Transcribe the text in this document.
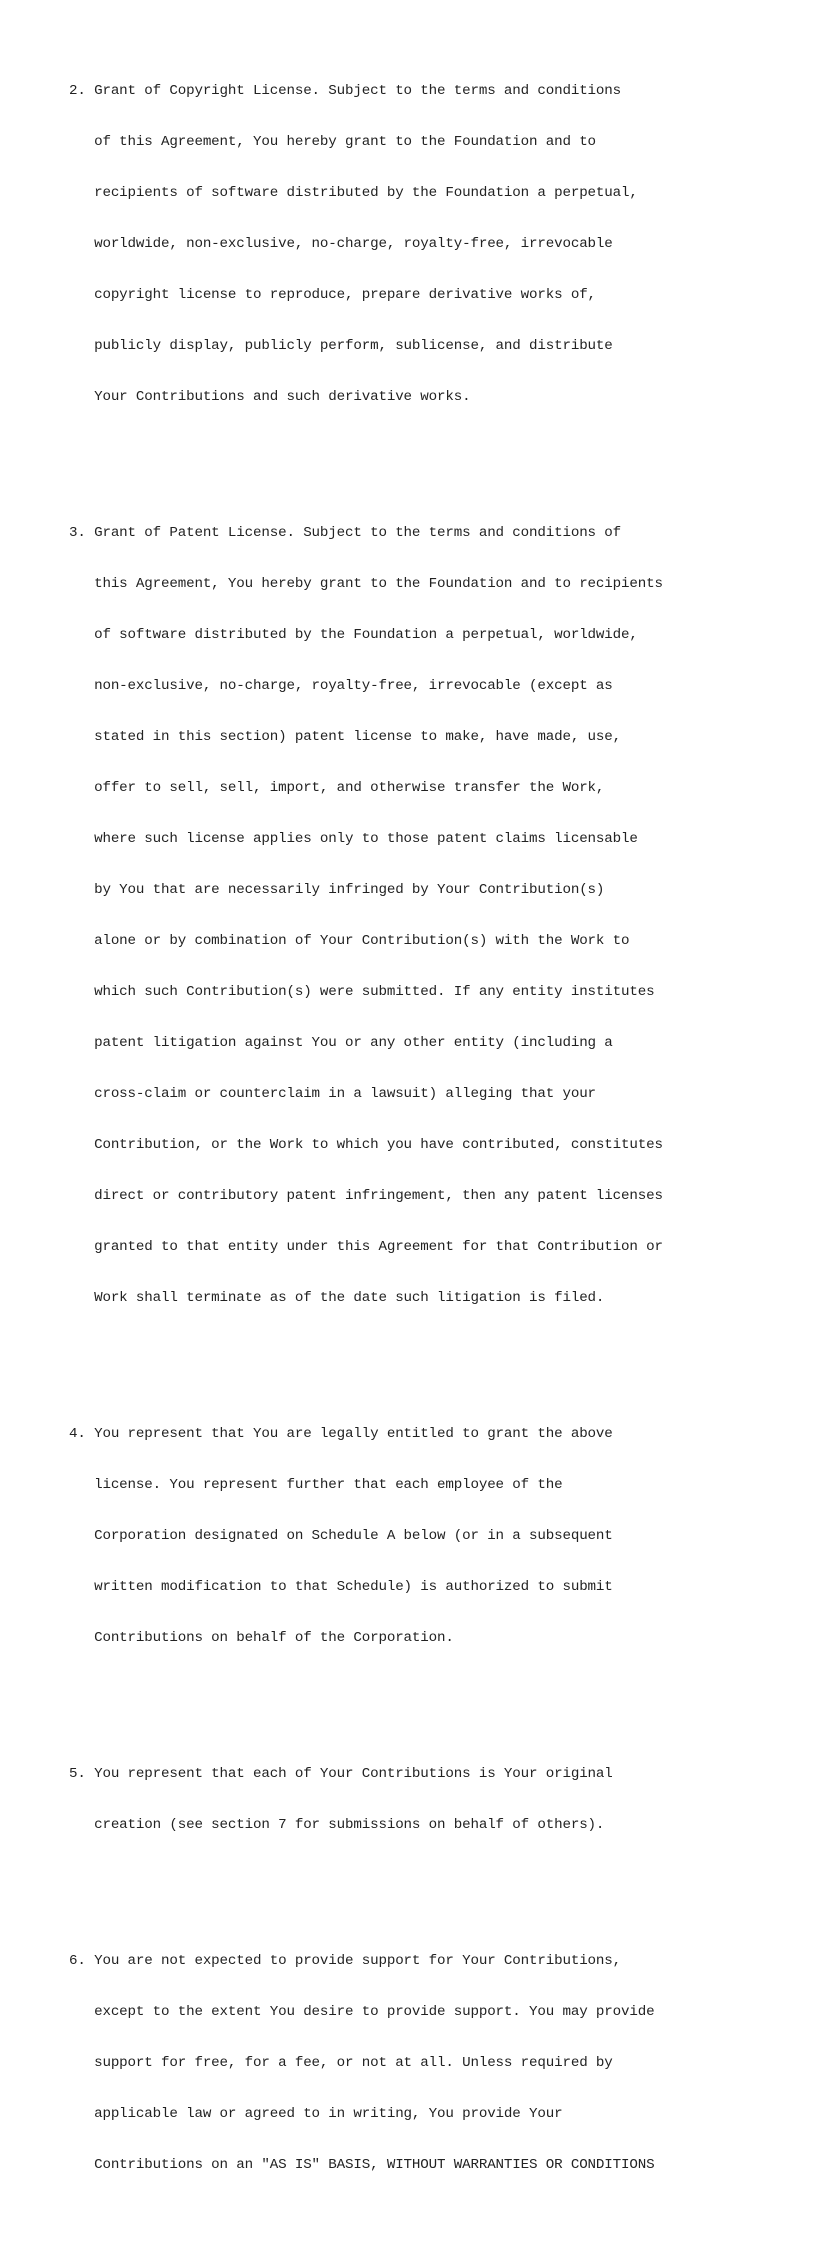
2. Grant of Copyright License. Subject to the terms and conditions

of this Agreement, You hereby grant to the Foundation and to

recipients of software distributed by the Foundation a perpetual,

worldwide, non-exclusive, no-charge, royalty-free, irrevocable

copyright license to reproduce, prepare derivative works of,

publicly display, publicly perform, sublicense, and distribute

Your Contributions and such derivative works.

3. Grant of Patent License. Subject to the terms and conditions of

this Agreement, You hereby grant to the Foundation and to recipients

of software distributed by the Foundation a perpetual, worldwide,

non-exclusive, no-charge, royalty-free, irrevocable (except as

stated in this section) patent license to make, have made, use,

offer to sell, sell, import, and otherwise transfer the Work,

where such license applies only to those patent claims licensable

by You that are necessarily infringed by Your Contribution(s)

alone or by combination of Your Contribution(s) with the Work to

which such Contribution(s) were submitted. If any entity institutes

patent litigation against You or any other entity (including a

cross-claim or counterclaim in a lawsuit) alleging that your

Contribution, or the Work to which you have contributed, constitutes

direct or contributory patent infringement, then any patent licenses

granted to that entity under this Agreement for that Contribution or

Work shall terminate as of the date such litigation is filed.

4. You represent that You are legally entitled to grant the above

license. You represent further that each employee of the

Corporation designated on Schedule A below (or in a subsequent

written modification to that Schedule) is authorized to submit

Contributions on behalf of the Corporation.

5. You represent that each of Your Contributions is Your original

creation (see section 7 for submissions on behalf of others).

6. You are not expected to provide support for Your Contributions,

except to the extent You desire to provide support. You may provide

support for free, for a fee, or not at all. Unless required by

applicable law or agreed to in writing, You provide Your

Contributions on an "AS IS" BASIS, WITHOUT WARRANTIES OR CONDITIONS
